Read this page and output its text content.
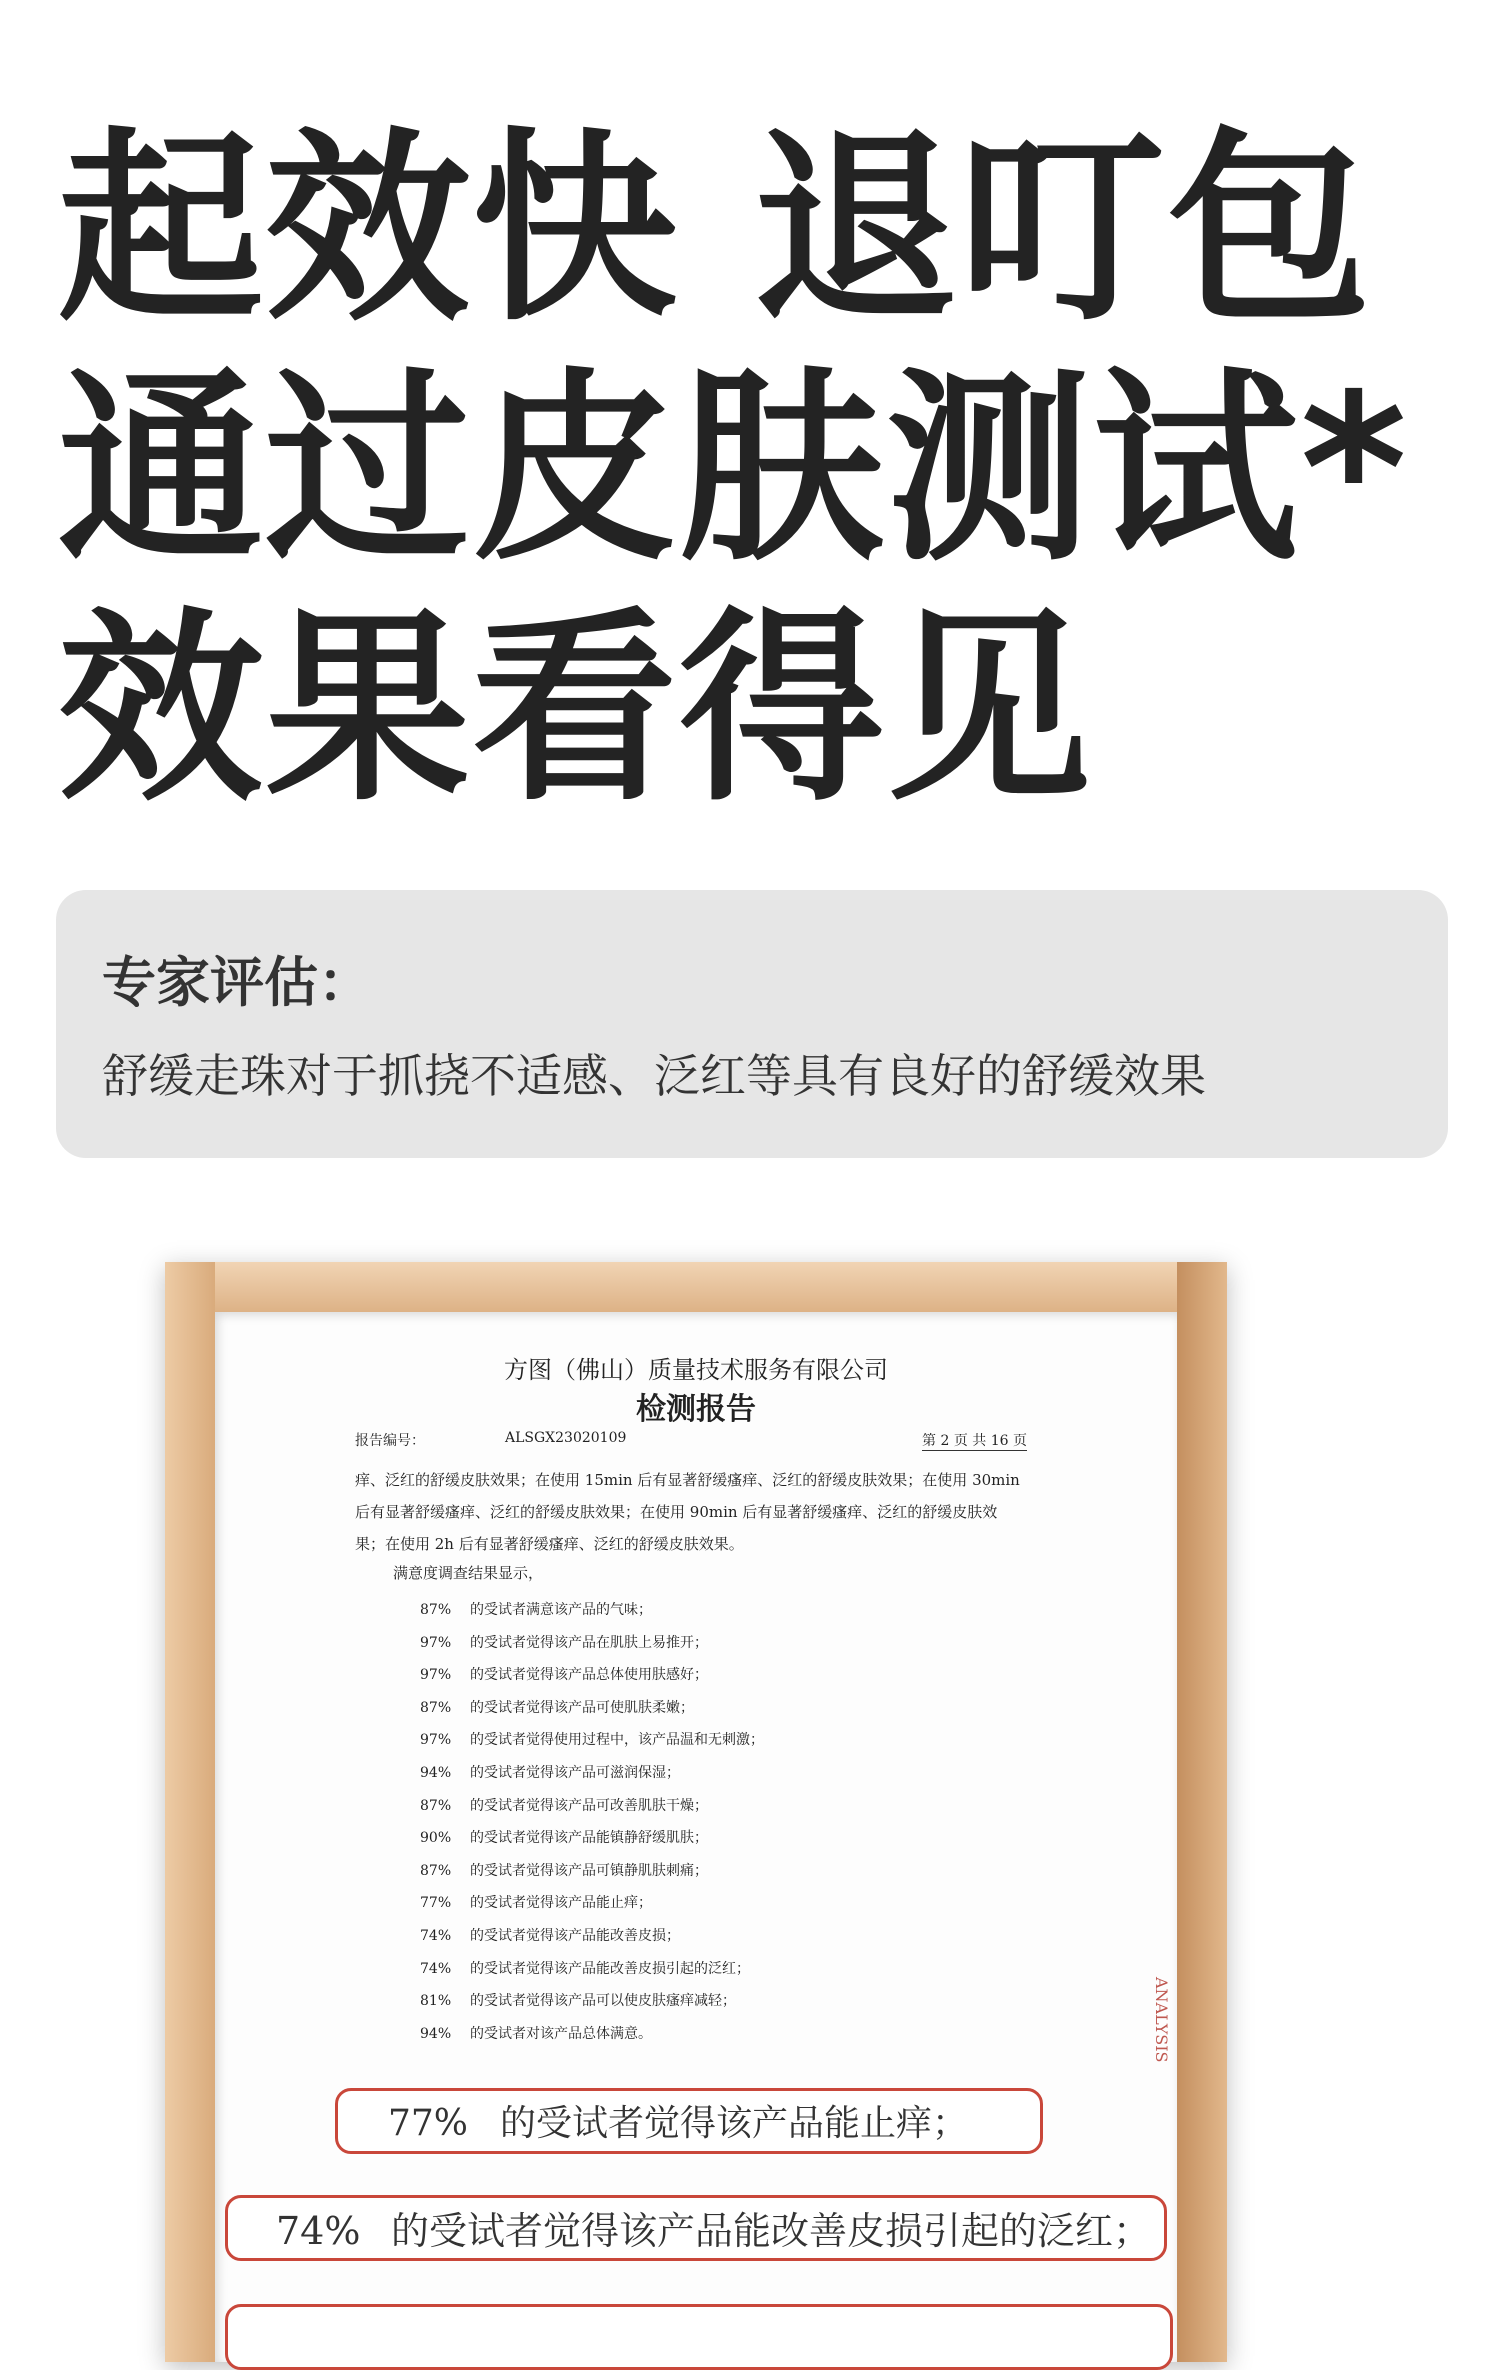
起效快 退叮包
通过皮肤测试*
效果看得见
专家评估：
舒缓走珠对于抓挠不适感、泛红等具有良好的舒缓效果
方图（佛山）质量技术服务有限公司
检测报告
报告编号：	ALSGX23020109	第 2 页 共 16 页
痒、泛红的舒缓皮肤效果；在使用 15min 后有显著舒缓瘙痒、泛红的舒缓皮肤效果；在使用 30min 后有显著舒缓瘙痒、泛红的舒缓皮肤效果；在使用 90min 后有显著舒缓瘙痒、泛红的舒缓皮肤效果；在使用 2h 后有显著舒缓瘙痒、泛红的舒缓皮肤效果。
满意度调查结果显示，
87% 的受试者满意该产品的气味；
97% 的受试者觉得该产品在肌肤上易推开；
97% 的受试者觉得该产品总体使用肤感好；
87% 的受试者觉得该产品可使肌肤柔嫩；
97% 的受试者觉得使用过程中，该产品温和无刺激；
94% 的受试者觉得该产品可滋润保湿；
87% 的受试者觉得该产品可改善肌肤干燥；
90% 的受试者觉得该产品能镇静舒缓肌肤；
87% 的受试者觉得该产品可镇静肌肤刺痛；
77% 的受试者觉得该产品能止痒；
74% 的受试者觉得该产品能改善皮损；
74% 的受试者觉得该产品能改善皮损引起的泛红；
81% 的受试者觉得该产品可以使皮肤瘙痒减轻；
94% 的受试者对该产品总体满意。	ANALYSIS
77% 的受试者觉得该产品能止痒；
74% 的受试者觉得该产品能改善皮损引起的泛红；
